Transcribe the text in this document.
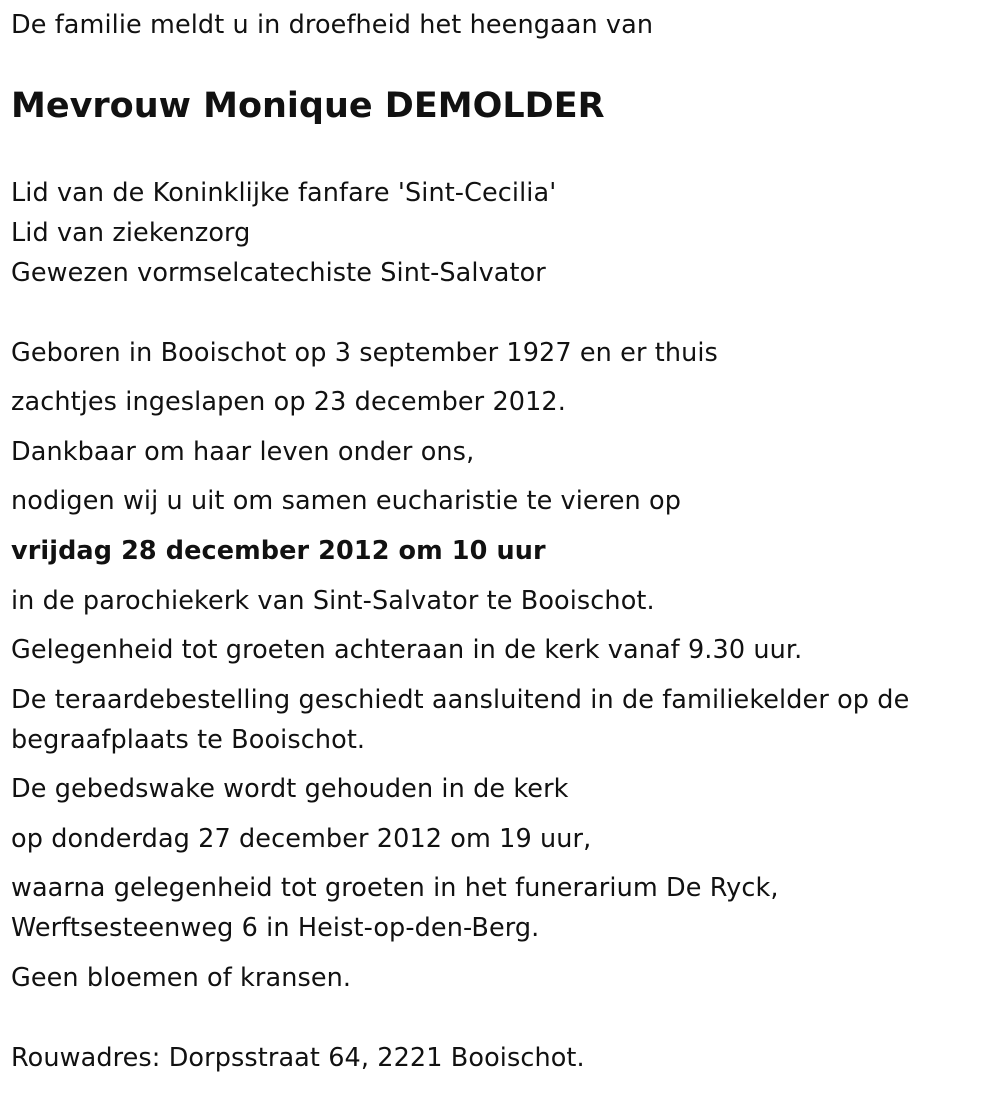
De familie meldt u in droefheid het heengaan van
Mevrouw Monique DEMOLDER
Lid van de Koninklijke fanfare 'Sint-Cecilia'
Lid van ziekenzorg
Gewezen vormselcatechiste Sint-Salvator
Geboren in Booischot op 3 september 1927 en er thuis
zachtjes ingeslapen op 23 december 2012.
Dankbaar om haar leven onder ons,
nodigen wij u uit om samen eucharistie te vieren op
vrijdag 28 december 2012 om 10 uur
in de parochiekerk van Sint-Salvator te Booischot.
Gelegenheid tot groeten achteraan in de kerk vanaf 9.30 uur.
De teraardebestelling geschiedt aansluitend in de familiekelder op de
begraafplaats te Booischot.
De gebedswake wordt gehouden in de kerk
op donderdag 27 december 2012 om 19 uur,
waarna gelegenheid tot groeten in het funerarium De Ryck,
Werftsesteenweg 6 in Heist-op-den-Berg.
Geen bloemen of kransen.
Rouwadres: Dorpsstraat 64, 2221 Booischot.
